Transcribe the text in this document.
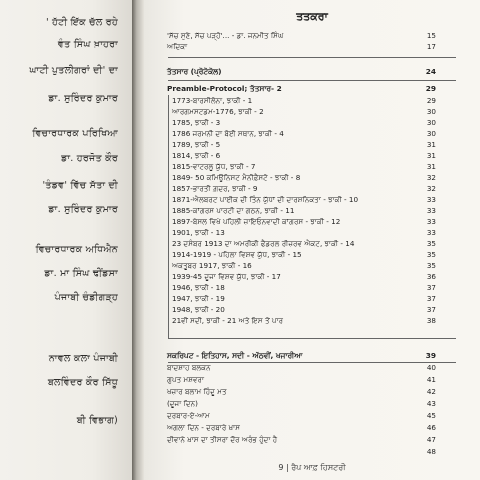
' ਹੱਟੀ ਇੱਕ ਚੱਲ ਰਹੇ
ਵੰਤ ਸਿੰਘ ਖ਼ਾਹਰਾ
ਘਾਟੀ ਪੁਤਲੀਗਰਾਂ ਦੀ' ਦਾ
ਡਾ. ਸੁਰਿੰਦਰ ਕੁਮਾਰ
ਵਿਚਾਰਧਾਰਕ ਪਰਿਖਿਆ
ਡਾ. ਹਰਜੋਤ ਕੌਰ
'ਤੰਡਵ' ਵਿੱਚ ਸੱਤਾ ਦੀ
ਡਾ. ਸੁਰਿੰਦਰ ਕੁਮਾਰ
ਵਿਚਾਰਧਾਰਕ ਅਧਿਐਨ
ਡਾ. ਮਾ ਸਿੰਘ ਢੀਂਡਸਾ
ਪੰਜਾਬੀ ਚੰਡੀਗੜ੍ਹ
ਨਾਵਲ ਕਲਾ ਪੰਜਾਬੀ
ਬਲਵਿੰਦਰ ਕੌਰ ਸਿੱਧੂ
ਬੀ ਵਿਭਾਗ)
ਤਤਕਰਾ
'ਸੱਚ ਸੁਣੇ, ਸੱਚ ਪੜ੍ਹੋ'... - ਡਾ. ਜਨਮੀਤ ਸਿੰਘ	15
ਅਦਿਕਾ	17
ਤੱਤਸਾਰ (ਪ੍ਰੋਟੋਕੋਲ)	24
Preamble-Protocol; ਤੱਤਸਾਰ- 2	29
1773-ਬਾਰਸੀਲੋਨਾ, ਝਾਕੀ - 1	29
ਆਰਗਮਸਟਡਮ-1776, ਝਾਕੀ - 2	30
1785, ਝਾਕੀ - 3	30
1786 ਜਰਮਨੀ ਦਾ ਬੋਈ ਸਥਾਨ, ਝਾਕੀ - 4	30
1789, ਝਾਕੀ - 5	31
1814, ਝਾਕੀ - 6	31
1815-ਵਾਟਰਲੂ ਯੁੱਧ, ਝਾਕੀ - 7	31
1849- 50 ਕਮਿਊਨਿਸਟ ਮੈਨੀਫ਼ੈਸਟੋ - ਝਾਕੀ - 8	32
1857-ਭਾਰਤੀ ਗ਼ਦਰ, ਝਾਕੀ - 9	32
1871-ਐਲਬਰਟ ਪਾਈਕ ਦੀ ਤਿੰਨ ਯੁੱਧਾਂ ਦੀ ਦਾਰਸ਼ਨਿਕਤਾ - ਝਾਕੀ - 10	33
1885-ਕਾਂਗਰਸ ਪਾਰਟੀ ਦਾ ਗਠਨ, ਝਾਕੀ - 11	33
1897-ਬੇਸਲ ਵਿਖੇ ਪਹਿਲੀ ਜ਼ਾਇਓਨਵਾਦੀ ਕਾਂਗਰਸ - ਝਾਕੀ - 12	33
1901, ਝਾਕੀ - 13	33
23 ਦਸੰਬਰ 1913 ਦਾ ਅਮਰੀਕੀ ਫੈਡਰਲ ਰੀਜ਼ਰਵ ਐਕਟ, ਝਾਕੀ - 14	35
1914-1919 - ਪਹਿਲਾ ਵਿਸ਼ਵ ਯੁੱਧ, ਝਾਕੀ - 15	35
ਅਕਤੂਬਰ 1917, ਝਾਕੀ - 16	35
1939-45 ਦੂਜਾ ਵਿਸ਼ਵ ਯੁੱਧ, ਝਾਕੀ - 17	36
1946, ਝਾਕੀ - 18	37
1947, ਝਾਕੀ - 19	37
1948, ਝਾਕੀ - 20	37
21ਵੀਂ ਸਦੀ, ਝਾਕੀ - 21 ਅਤੇ ਇਸ ਤੋਂ ਪਾਰ	38
ਸਕਰਿਪਟ - ਇਤਿਹਾਸ, ਸਦੀ - ਅੱਠਵੀਂ, ਖਜਾਰੀਆ	39
ਬਾਦਸ਼ਾਹ ਬਲਕਨ	40
ਗੁਪਤ ਮਸ਼ਵਰਾ	41
ਖਜ਼ਾਰ ਬਲਾਮ ਹਿੰਦੂ ਮਤ	42
(ਦੂਜਾ ਦਿਨ)	43
ਦਰਬਾਰ-ਏ-ਆਮ	45
ਅਗਲਾ ਦਿਨ - ਦਰਬਾਰੇ ਖ਼ਾਸ	46
ਦੀਵਾਨੇ ਖ਼ਾਸ ਦਾ ਤੀਸਰਾ ਦੌਰ ਅਰੰਭ ਹੁੰਦਾ ਹੈ	47
48
9 | ਰੈਪ ਆਫ਼ ਹਿਸਟਰੀ
